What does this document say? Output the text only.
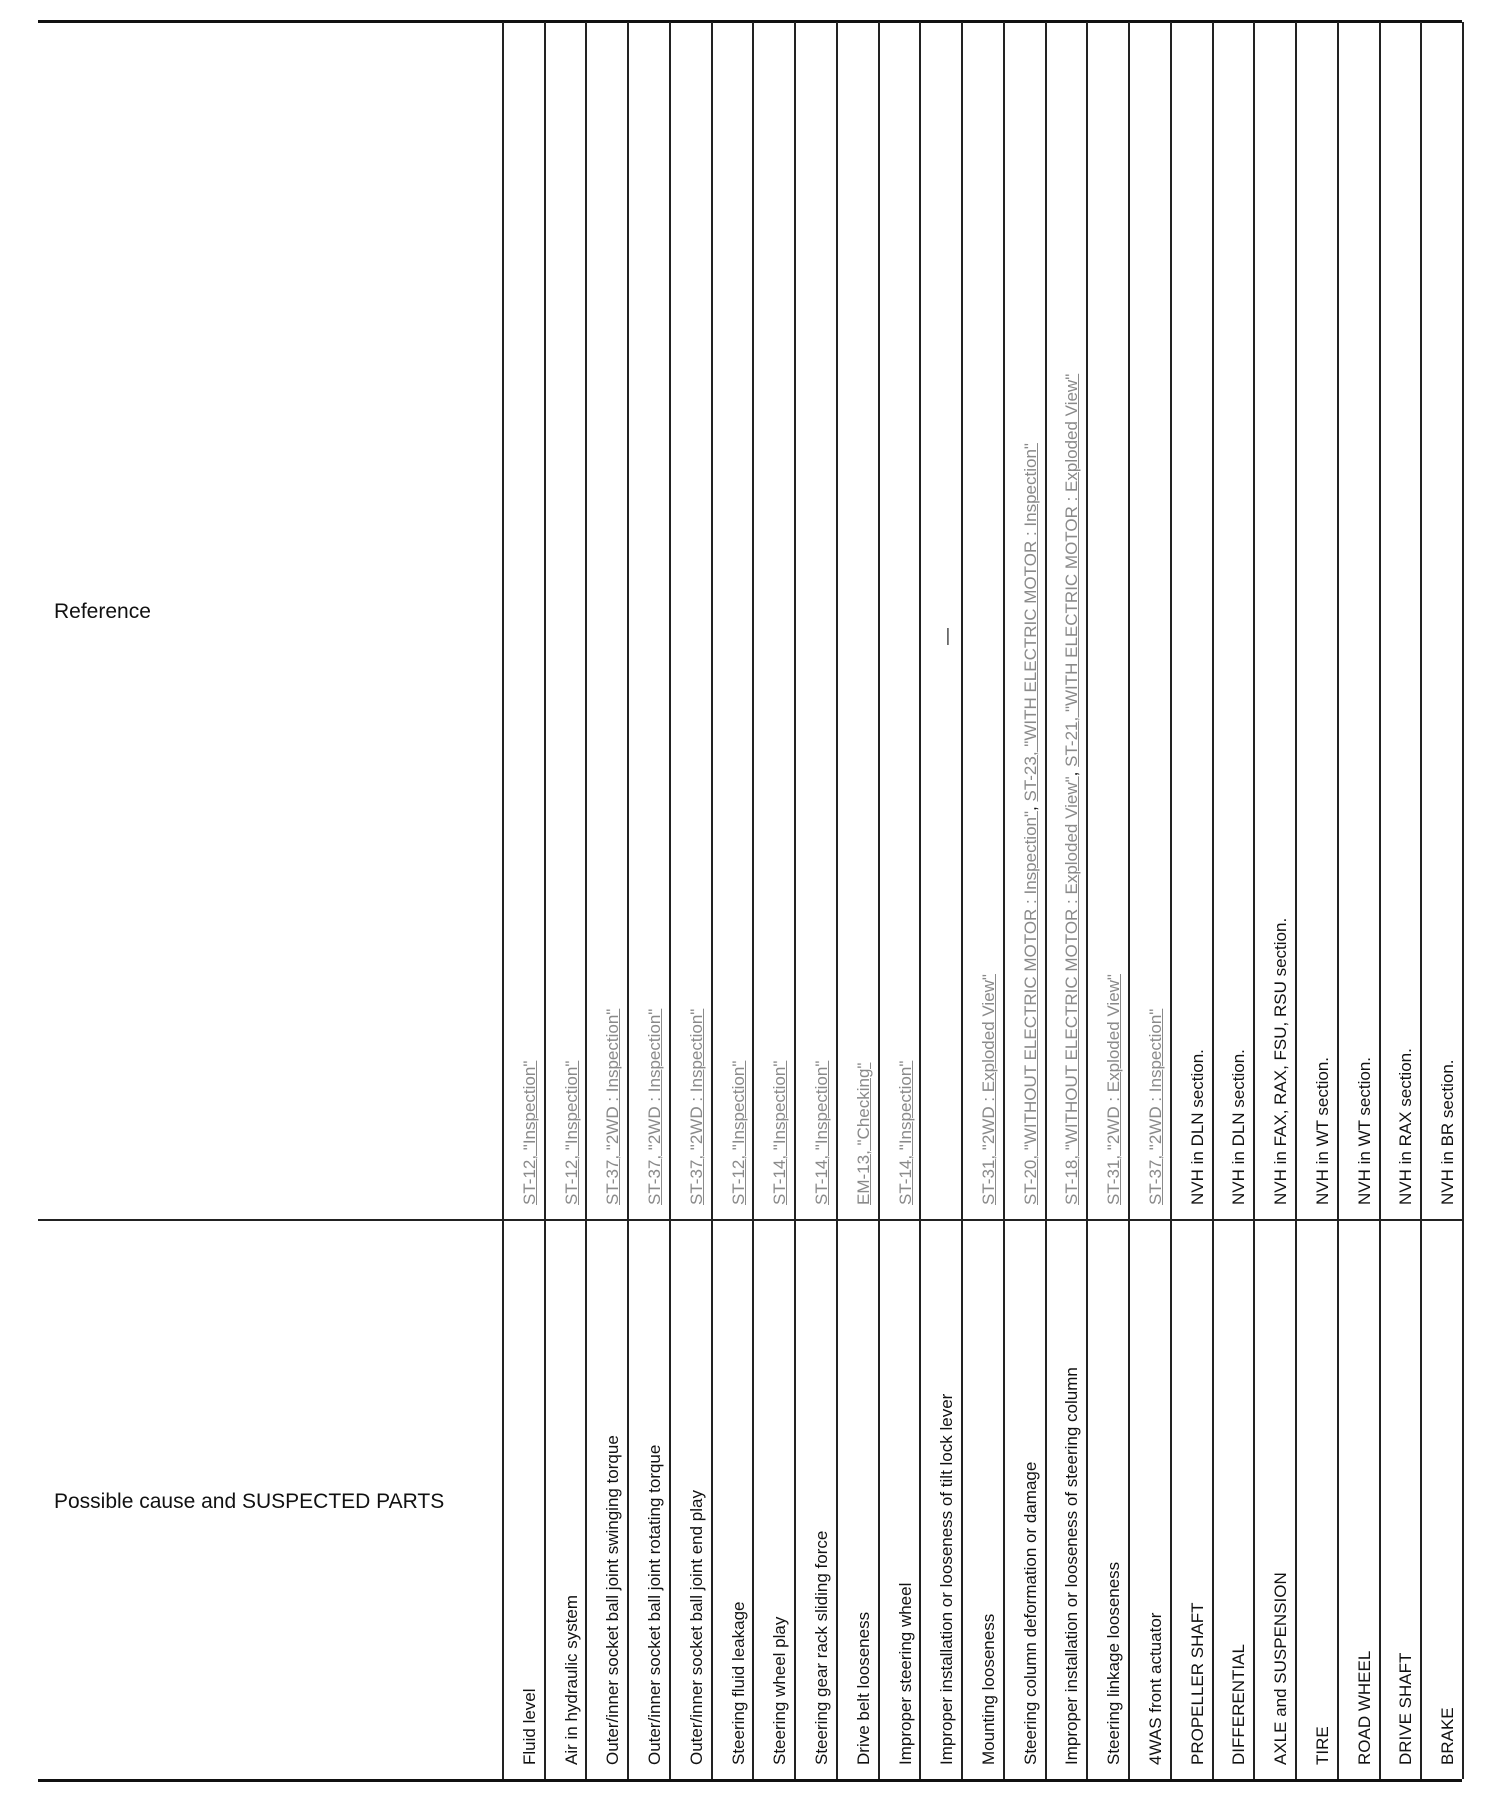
Reference
Possible cause and SUSPECTED PARTS
Fluid level
ST-12, "Inspection"
Air in hydraulic system
ST-12, "Inspection"
Outer/inner socket ball joint swinging torque
ST-37, "2WD : Inspection"
Outer/inner socket ball joint rotating torque
ST-37, "2WD : Inspection"
Outer/inner socket ball joint end play
ST-37, "2WD : Inspection"
Steering fluid leakage
ST-12, "Inspection"
Steering wheel play
ST-14, "Inspection"
Steering gear rack sliding force
ST-14, "Inspection"
Drive belt looseness
EM-13, "Checking"
Improper steering wheel
ST-14, "Inspection"
Improper installation or looseness of tilt lock lever
—
Mounting looseness
ST-31, "2WD : Exploded View"
Steering column deformation or damage
ST-20, "WITHOUT ELECTRIC MOTOR : Inspection", ST-23, "WITH ELECTRIC MOTOR : Inspection"
Improper installation or looseness of steering column
ST-18, "WITHOUT ELECTRIC MOTOR : Exploded View", ST-21, "WITH ELECTRIC MOTOR : Exploded View"
Steering linkage looseness
ST-31, "2WD : Exploded View"
4WAS front actuator
ST-37, "2WD : Inspection"
PROPELLER SHAFT
NVH in DLN section.
DIFFERENTIAL
NVH in DLN section.
AXLE and SUSPENSION
NVH in FAX, RAX, FSU, RSU section.
TIRE
NVH in WT section.
ROAD WHEEL
NVH in WT section.
DRIVE SHAFT
NVH in RAX section.
BRAKE
NVH in BR section.
